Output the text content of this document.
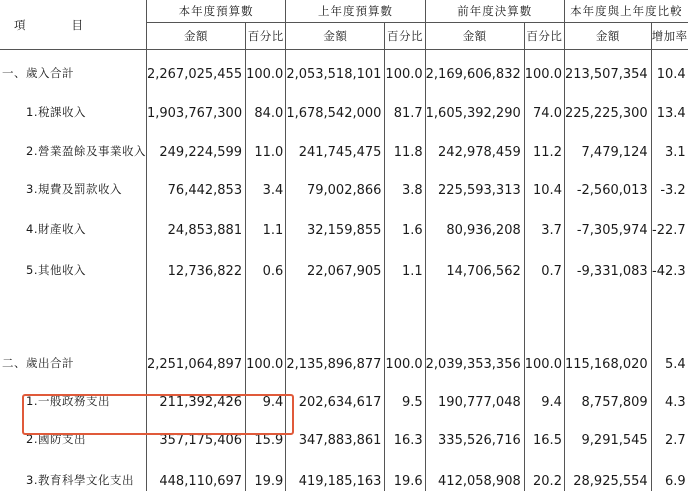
項 目	本年度預算數		上年度預算數		前年度決算數		本年度與上年度比較	
	金額	百分比	金額	百分比	金額	百分比	金額	增加率

一、歲入合計	2,267,025,455	100.0	2,053,518,101	100.0	2,169,606,832	100.0	213,507,354	10.4

1.稅課收入	1,903,767,300	84.0	1,678,542,000	81.7	1,605,392,290	74.0	225,225,300	13.4

2.營業盈餘及事業收入	249,224,599	11.0	241,745,475	11.8	242,978,459	11.2	7,479,124	3.1

3.規費及罰款收入	76,442,853	3.4	79,002,866	3.8	225,593,313	10.4	-2,560,013	-3.2

4.財產收入	24,853,881	1.1	32,159,855	1.6	80,936,208	3.7	-7,305,974	-22.7

5.其他收入	12,736,822	0.6	22,067,905	1.1	14,706,562	0.7	-9,331,083	-42.3

二、歲出合計	2,251,064,897	100.0	2,135,896,877	100.0	2,039,353,356	100.0	115,168,020	5.4

1.一般政務支出	211,392,426	9.4	202,634,617	9.5	190,777,048	9.4	8,757,809	4.3

2.國防支出	357,175,406	15.9	347,883,861	16.3	335,526,716	16.5	9,291,545	2.7

3.教育科學文化支出	448,110,697	19.9	419,185,163	19.6	412,058,908	20.2	28,925,554	6.9
